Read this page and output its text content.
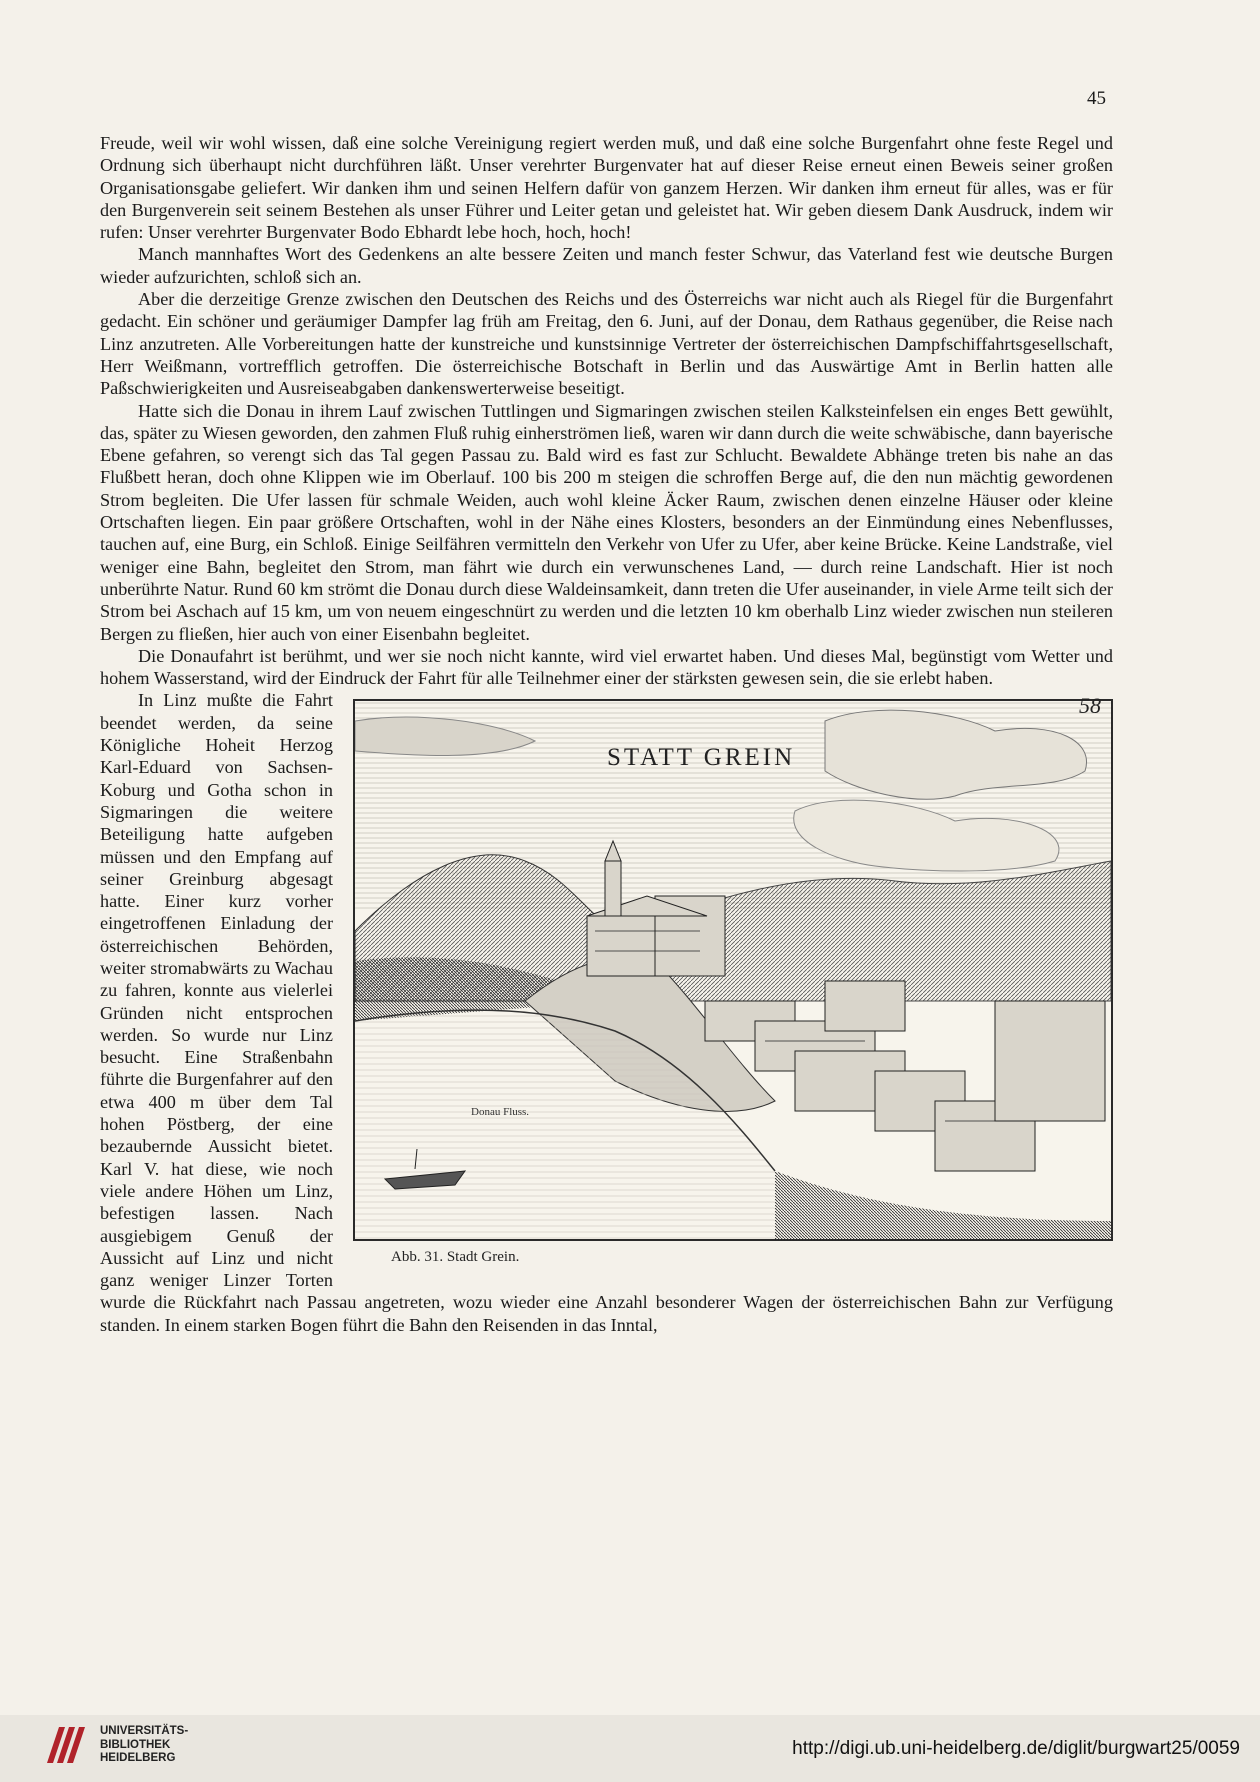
45

Freude, weil wir wohl wissen, daß eine solche Vereinigung regiert werden muß, und daß eine solche Burgenfahrt ohne feste Regel und Ordnung sich überhaupt nicht durchführen läßt. Unser verehrter Burgenvater hat auf dieser Reise erneut einen Beweis seiner großen Organisationsgabe geliefert. Wir danken ihm und seinen Helfern dafür von ganzem Herzen. Wir danken ihm erneut für alles, was er für den Burgenverein seit seinem Bestehen als unser Führer und Leiter getan und geleistet hat. Wir geben diesem Dank Ausdruck, indem wir rufen: Unser verehrter Burgenvater Bodo Ebhardt lebe hoch, hoch, hoch!

Manch mannhaftes Wort des Gedenkens an alte bessere Zeiten und manch fester Schwur, das Vaterland fest wie deutsche Burgen wieder aufzurichten, schloß sich an.

Aber die derzeitige Grenze zwischen den Deutschen des Reichs und des Österreichs war nicht auch als Riegel für die Burgenfahrt gedacht. Ein schöner und geräumiger Dampfer lag früh am Freitag, den 6. Juni, auf der Donau, dem Rathaus gegenüber, die Reise nach Linz anzutreten. Alle Vorbereitungen hatte der kunstreiche und kunstsinnige Vertreter der österreichischen Dampfschiffahrtsgesellschaft, Herr Weißmann, vortrefflich getroffen. Die österreichische Botschaft in Berlin und das Auswärtige Amt in Berlin hatten alle Paßschwierigkeiten und Ausreiseabgaben dankenswerterweise beseitigt.

Hatte sich die Donau in ihrem Lauf zwischen Tuttlingen und Sigmaringen zwischen steilen Kalksteinfelsen ein enges Bett gewühlt, das, später zu Wiesen geworden, den zahmen Fluß ruhig einherströmen ließ, waren wir dann durch die weite schwäbische, dann bayerische Ebene gefahren, so verengt sich das Tal gegen Passau zu. Bald wird es fast zur Schlucht. Bewaldete Abhänge treten bis nahe an das Flußbett heran, doch ohne Klippen wie im Oberlauf. 100 bis 200 m steigen die schroffen Berge auf, die den nun mächtig gewordenen Strom begleiten. Die Ufer lassen für schmale Weiden, auch wohl kleine Äcker Raum, zwischen denen einzelne Häuser oder kleine Ortschaften liegen. Ein paar größere Ortschaften, wohl in der Nähe eines Klosters, besonders an der Einmündung eines Nebenflusses, tauchen auf, eine Burg, ein Schloß. Einige Seilfähren vermitteln den Verkehr von Ufer zu Ufer, aber keine Brücke. Keine Landstraße, viel weniger eine Bahn, begleitet den Strom, man fährt wie durch ein verwunschenes Land, — durch reine Landschaft. Hier ist noch unberührte Natur. Rund 60 km strömt die Donau durch diese Waldeinsamkeit, dann treten die Ufer auseinander, in viele Arme teilt sich der Strom bei Aschach auf 15 km, um von neuem eingeschnürt zu werden und die letzten 10 km oberhalb Linz wieder zwischen nun steileren Bergen zu fließen, hier auch von einer Eisenbahn begleitet.

Die Donaufahrt ist berühmt, und wer sie noch nicht kannte, wird viel erwartet haben. Und dieses Mal, begünstigt vom Wetter und hohem Wasserstand, wird der Eindruck der Fahrt für alle Teilnehmer einer der stärksten gewesen sein, die sie erlebt haben.

STATT GREIN
58
Donau Fluss.
Abb. 31. Stadt Grein.
In Linz mußte die Fahrt beendet werden, da seine Königliche Hoheit Herzog Karl-Eduard von Sachsen-Koburg und Gotha schon in Sigmaringen die weitere Beteiligung hatte aufgeben müssen und den Empfang auf seiner Greinburg abgesagt hatte. Einer kurz vorher eingetroffenen Einladung der österreichischen Behörden, weiter stromabwärts zu Wachau zu fahren, konnte aus vielerlei Gründen nicht entsprochen werden. So wurde nur Linz besucht. Eine Straßenbahn führte die Burgenfahrer auf den etwa 400 m über dem Tal hohen Pöstberg, der eine bezaubernde Aussicht bietet. Karl V. hat diese, wie noch viele andere Höhen um Linz, befestigen lassen. Nach ausgiebigem Genuß der Aussicht auf Linz und nicht ganz weniger Linzer Torten wurde die Rückfahrt nach Passau angetreten, wozu wieder eine Anzahl besonderer Wagen der österreichischen Bahn zur Verfügung standen. In einem starken Bogen führt die Bahn den Reisenden in das Inntal,

UNIVERSITÄTS-
BIBLIOTHEK
HEIDELBERG	http://digi.ub.uni-heidelberg.de/diglit/burgwart25/0059
